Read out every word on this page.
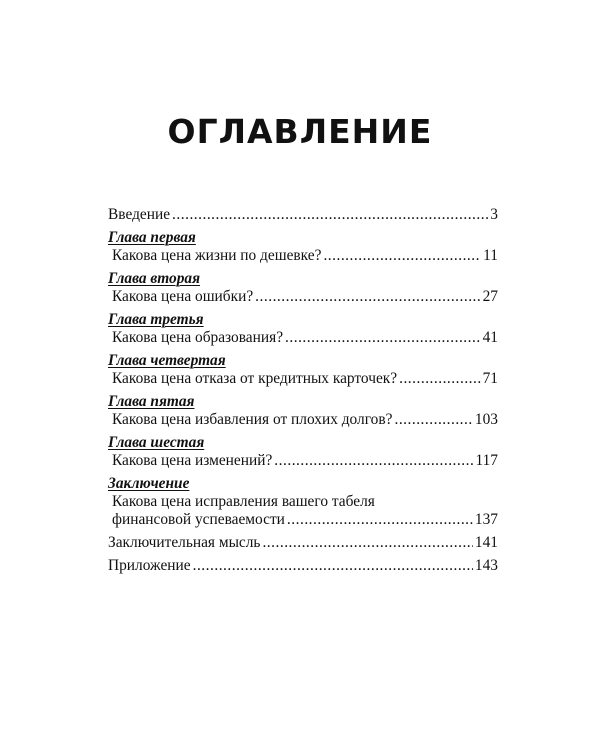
ОГЛАВЛЕНИЕ
Введение .....	3
Глава первая
Какова цена жизни по дешевке? .....	11
Глава вторая
Какова цена ошибки? .....	27
Глава третья
Какова цена образования? .....	41
Глава четвертая
Какова цена отказа от кредитных карточек? .....	71
Глава пятая
Какова цена избавления от плохих долгов? .....	103
Глава шестая
Какова цена изменений? .....	117
Заключение
Какова цена исправления вашего табеля
финансовой успеваемости .....	137
Заключительная мысль .....	141
Приложение .....	143
